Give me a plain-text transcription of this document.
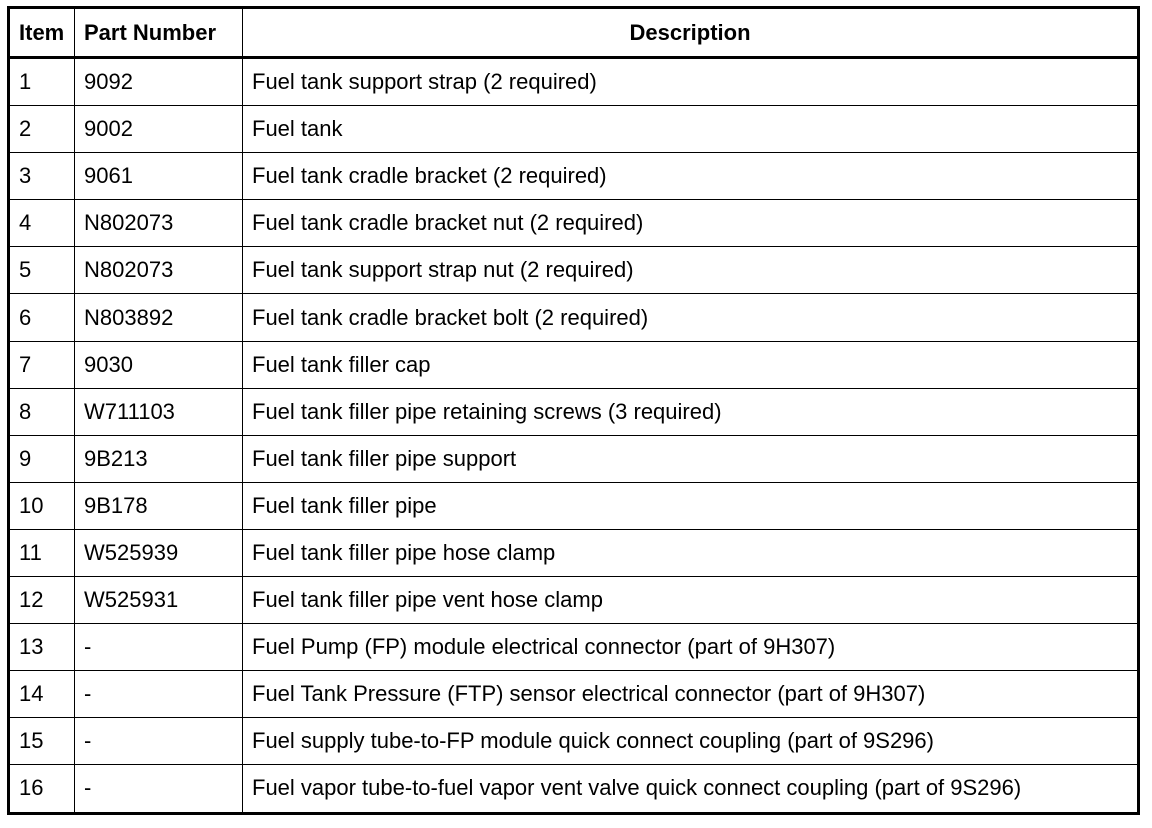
Item	Part Number	Description
1	9092	Fuel tank support strap (2 required)
2	9002	Fuel tank
3	9061	Fuel tank cradle bracket (2 required)
4	N802073	Fuel tank cradle bracket nut (2 required)
5	N802073	Fuel tank support strap nut (2 required)
6	N803892	Fuel tank cradle bracket bolt (2 required)
7	9030	Fuel tank filler cap
8	W711103	Fuel tank filler pipe retaining screws (3 required)
9	9B213	Fuel tank filler pipe support
10	9B178	Fuel tank filler pipe
11	W525939	Fuel tank filler pipe hose clamp
12	W525931	Fuel tank filler pipe vent hose clamp
13	-	Fuel Pump (FP) module electrical connector (part of 9H307)
14	-	Fuel Tank Pressure (FTP) sensor electrical connector (part of 9H307)
15	-	Fuel supply tube-to-FP module quick connect coupling (part of 9S296)
16	-	Fuel vapor tube-to-fuel vapor vent valve quick connect coupling (part of 9S296)
